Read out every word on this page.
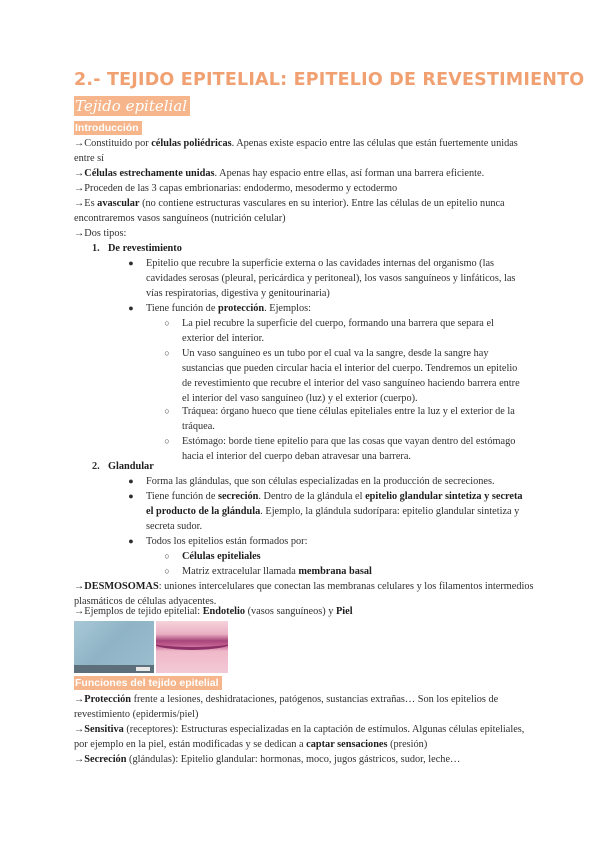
2.- TEJIDO EPITELIAL: EPITELIO DE REVESTIMIENTO
Tejido epitelial
Introducción
→Constituido por células poliédricas. Apenas existe espacio entre las células que están fuertemente unidas entre sí
→Células estrechamente unidas. Apenas hay espacio entre ellas, así forman una barrera eficiente.
→Proceden de las 3 capas embrionarias: endodermo, mesodermo y ectodermo
→Es avascular (no contiene estructuras vasculares en su interior). Entre las células de un epitelio nunca encontraremos vasos sanguíneos (nutrición celular)
→Dos tipos:
1. De revestimiento
● Epitelio que recubre la superficie externa o las cavidades internas del organismo (las cavidades serosas (pleural, pericárdica y peritoneal), los vasos sanguíneos y linfáticos, las vías respiratorias, digestiva y genitourinaria)
● Tiene función de protección. Ejemplos:
○ La piel recubre la superficie del cuerpo, formando una barrera que separa el exterior del interior.
○ Un vaso sanguíneo es un tubo por el cual va la sangre, desde la sangre hay sustancias que pueden circular hacia el interior del cuerpo. Tendremos un epitelio de revestimiento que recubre el interior del vaso sanguíneo haciendo barrera entre el interior del vaso sanguíneo (luz) y el exterior (cuerpo).
○ Tráquea: órgano hueco que tiene células epiteliales entre la luz y el exterior de la tráquea.
○ Estómago: borde tiene epitelio para que las cosas que vayan dentro del estómago hacia el interior del cuerpo deban atravesar una barrera.
2. Glandular
● Forma las glándulas, que son células especializadas en la producción de secreciones.
● Tiene función de secreción. Dentro de la glándula el epitelio glandular sintetiza y secreta el producto de la glándula. Ejemplo, la glándula sudorípara: epitelio glandular sintetiza y secreta sudor.
● Todos los epitelios están formados por:
○ Células epiteliales
○ Matriz extracelular llamada membrana basal
→DESMOSOMAS: uniones intercelulares que conectan las membranas celulares y los filamentos intermedios plasmáticos de células adyacentes.
→Ejemplos de tejido epitelial: Endotelio (vasos sanguíneos) y Piel
Funciones del tejido epitelial
→Protección frente a lesiones, deshidrataciones, patógenos, sustancias extrañas… Son los epitelios de revestimiento (epidermis/piel)
→Sensitiva (receptores): Estructuras especializadas en la captación de estímulos. Algunas células epiteliales, por ejemplo en la piel, están modificadas y se dedican a captar sensaciones (presión)
→Secreción (glándulas): Epitelio glandular: hormonas, moco, jugos gástricos, sudor, leche…
